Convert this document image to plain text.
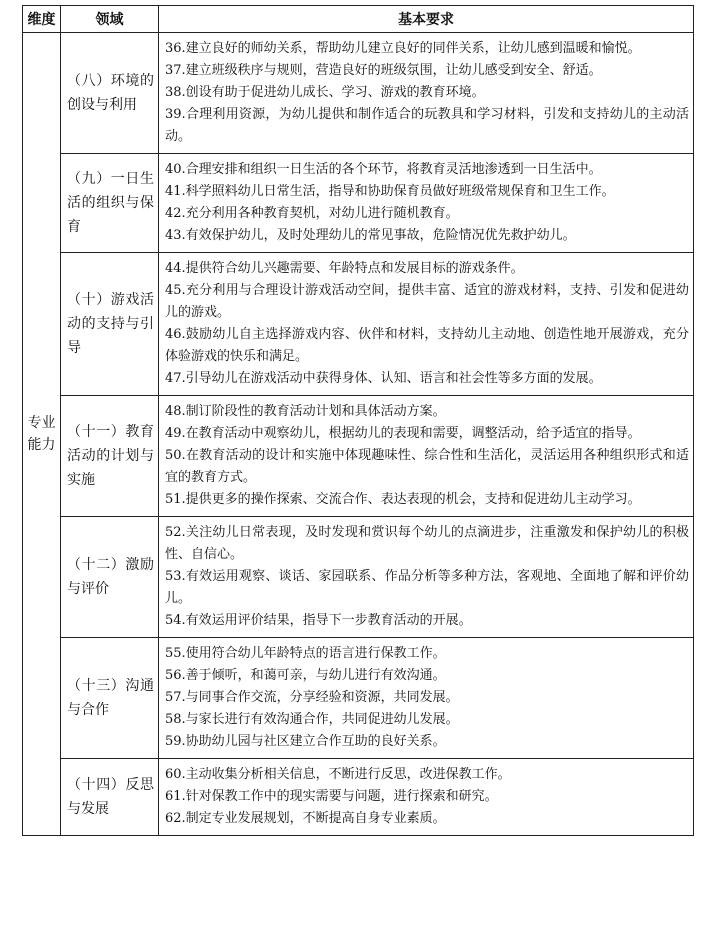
维度	领域	基本要求
专业能力	（八）环境的创设与利用	36.建立良好的师幼关系，帮助幼儿建立良好的同伴关系，让幼儿感到温暖和愉悦。

37.建立班级秩序与规则，营造良好的班级氛围，让幼儿感受到安全、舒适。

38.创设有助于促进幼儿成长、学习、游戏的教育环境。

39.合理利用资源，为幼儿提供和制作适合的玩教具和学习材料，引发和支持幼儿的主动活动。

	（九）一日生活的组织与保育	40.合理安排和组织一日生活的各个环节，将教育灵活地渗透到一日生活中。

41.科学照料幼儿日常生活，指导和协助保育员做好班级常规保育和卫生工作。

42.充分利用各种教育契机，对幼儿进行随机教育。

43.有效保护幼儿，及时处理幼儿的常见事故，危险情况优先救护幼儿。

	（十）游戏活动的支持与引导	44.提供符合幼儿兴趣需要、年龄特点和发展目标的游戏条件。

45.充分利用与合理设计游戏活动空间，提供丰富、适宜的游戏材料，支持、引发和促进幼儿的游戏。

46.鼓励幼儿自主选择游戏内容、伙伴和材料，支持幼儿主动地、创造性地开展游戏，充分体验游戏的快乐和满足。

47.引导幼儿在游戏活动中获得身体、认知、语言和社会性等多方面的发展。

	（十一）教育活动的计划与实施	48.制订阶段性的教育活动计划和具体活动方案。

49.在教育活动中观察幼儿，根据幼儿的表现和需要，调整活动，给予适宜的指导。

50.在教育活动的设计和实施中体现趣味性、综合性和生活化，灵活运用各种组织形式和适宜的教育方式。

51.提供更多的操作探索、交流合作、表达表现的机会，支持和促进幼儿主动学习。

	（十二）激励与评价	52.关注幼儿日常表现，及时发现和赏识每个幼儿的点滴进步，注重激发和保护幼儿的积极性、自信心。

53.有效运用观察、谈话、家园联系、作品分析等多种方法，客观地、全面地了解和评价幼儿。

54.有效运用评价结果，指导下一步教育活动的开展。

	（十三）沟通与合作	55.使用符合幼儿年龄特点的语言进行保教工作。

56.善于倾听，和蔼可亲，与幼儿进行有效沟通。

57.与同事合作交流，分享经验和资源，共同发展。

58.与家长进行有效沟通合作，共同促进幼儿发展。

59.协助幼儿园与社区建立合作互助的良好关系。

	（十四）反思与发展	60.主动收集分析相关信息，不断进行反思，改进保教工作。

61.针对保教工作中的现实需要与问题，进行探索和研究。

62.制定专业发展规划，不断提高自身专业素质。
